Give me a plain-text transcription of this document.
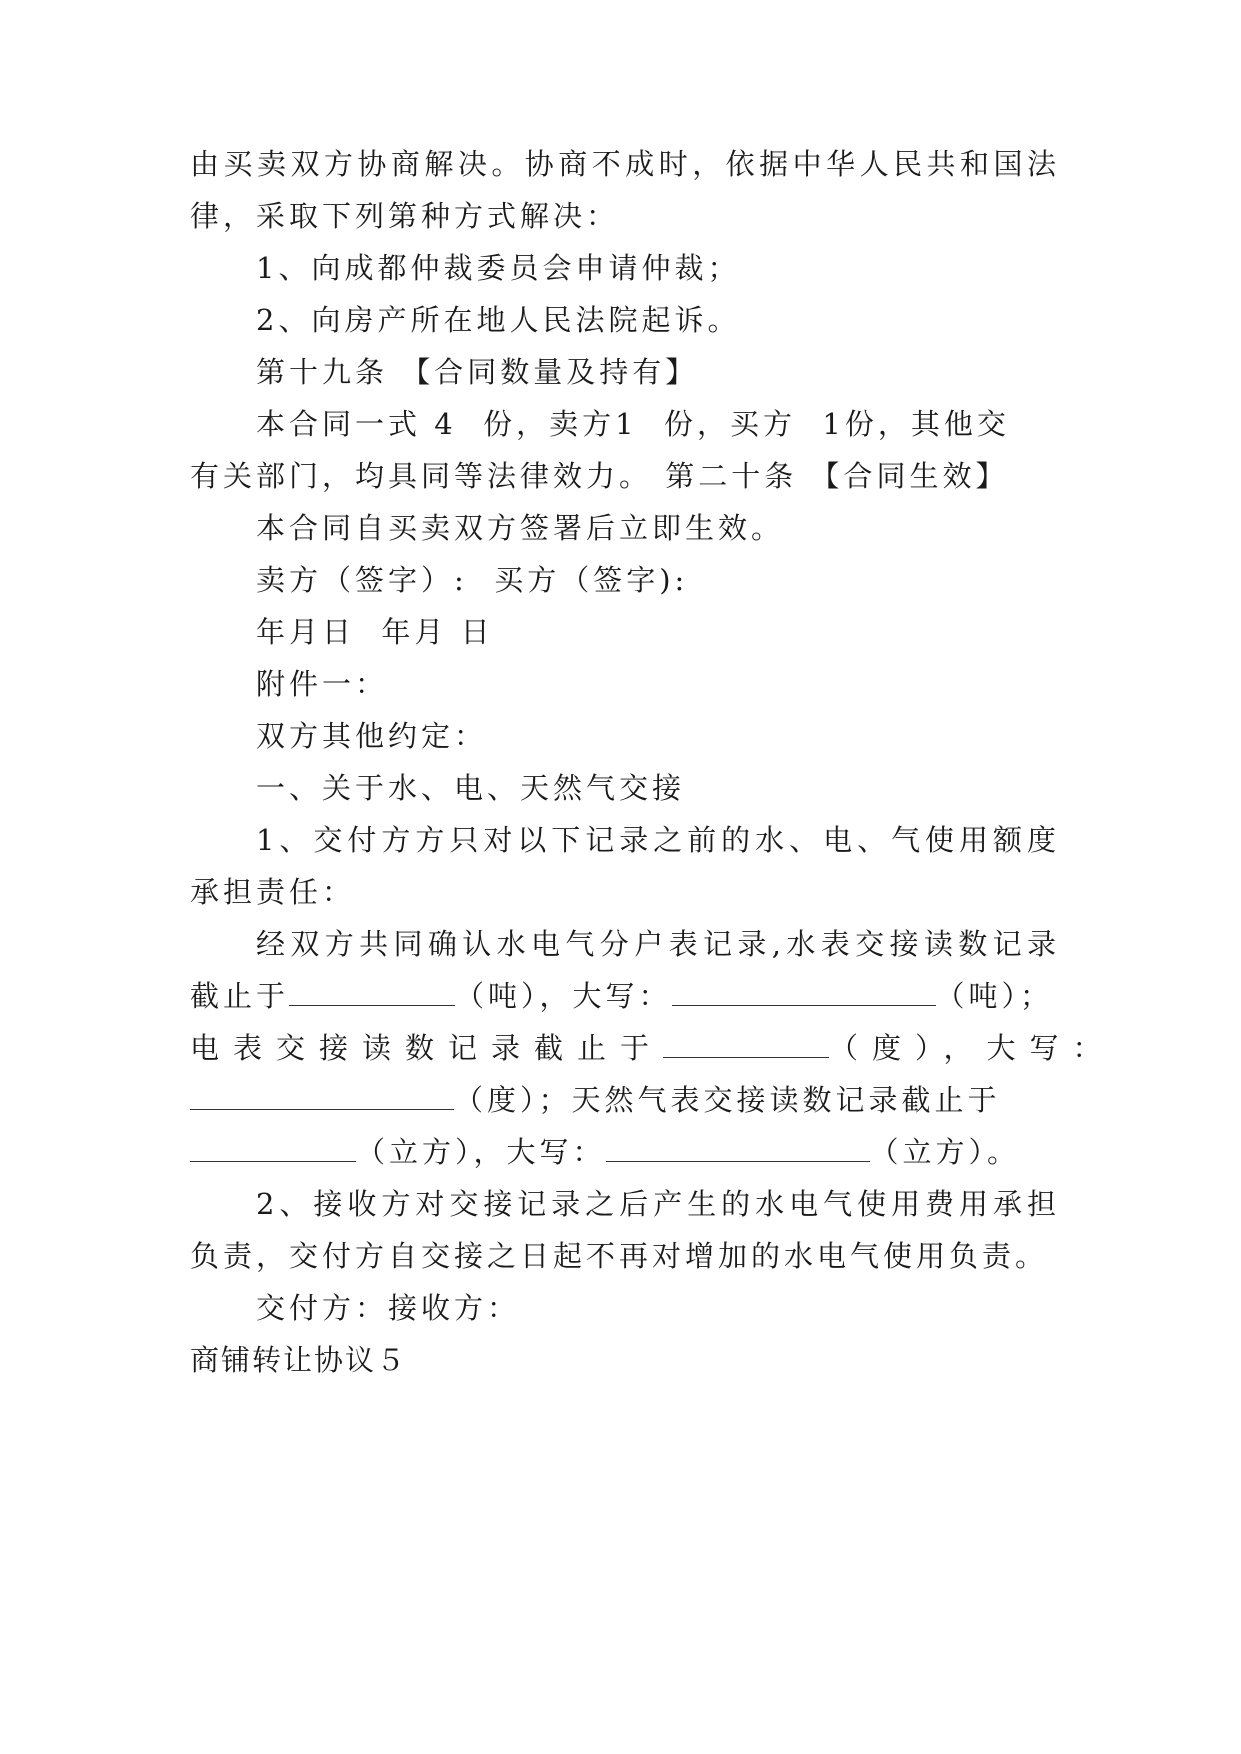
由买卖双方协商解决。协商不成时，依据中华人民共和国法
律，采取下列第种方式解决：
1、向成都仲裁委员会申请仲裁；
2、向房产所在地人民法院起诉。
第十九条 【合同数量及持有】
本合同一式 4  份，卖方1  份，买方  1份，其他交
有关部门，均具同等法律效力。 第二十条 【合同生效】
本合同自买卖双方签署后立即生效。
卖方（签字）:  买方（签字):
年月日  年月 日
附件一：
双方其他约定：
一、关于水、电、天然气交接
1、交付方方只对以下记录之前的水、电、气使用额度
承担责任：
经双方共同确认水电气分户表记录,水表交接读数记录
截止于	（吨），大写：	（吨）；
电表交接读数记录截止于	（度），大写：
（度）；天然气表交接读数记录截止于
（立方），大写：	（立方）。
2、接收方对交接记录之后产生的水电气使用费用承担
负责，交付方自交接之日起不再对增加的水电气使用负责。
交付方：接收方：
商铺转让协议５
